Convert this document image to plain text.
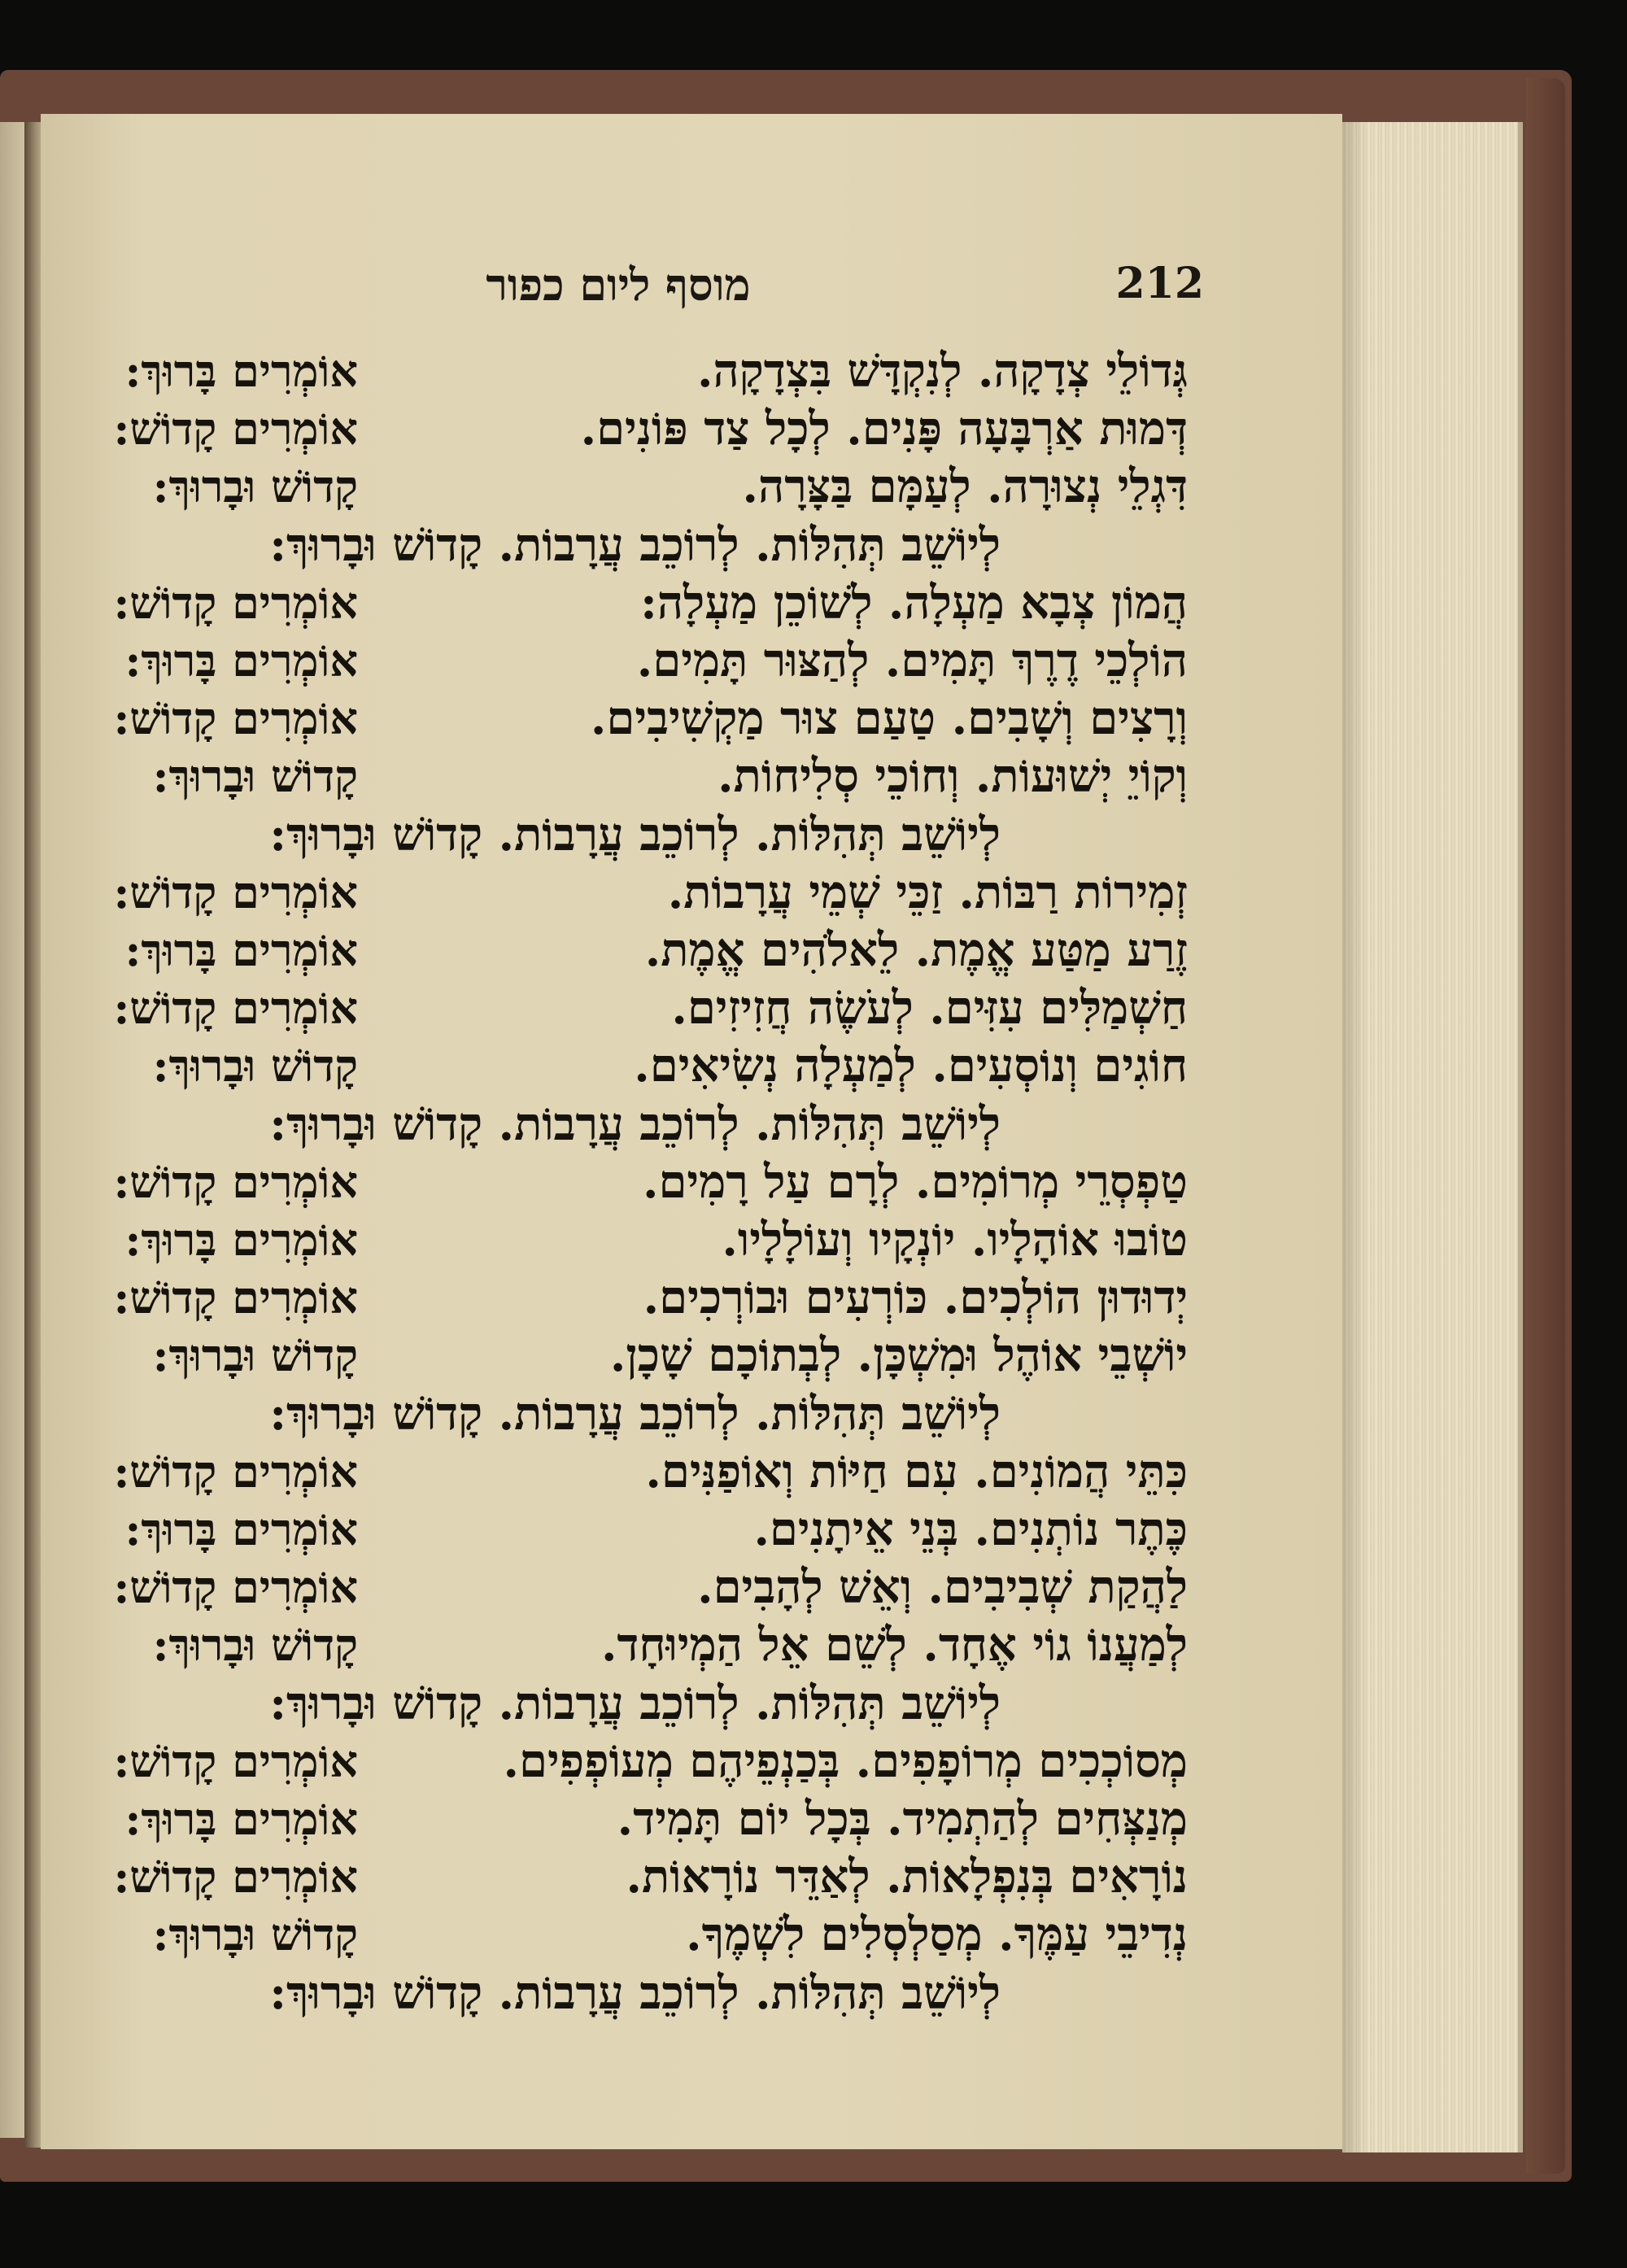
212
מוסף ליום כפור
גְּדוֹלֵי צְדָקָה. לְנִקְדָּשׁ בִּצְדָקָה.
אוֹמְרִים בָּרוּךְ:
דְּמוּת אַרְבָּעָה פָּנִים. לְכָל צַד פּוֹנִים.
אוֹמְרִים קָדוֹשׁ:
דִּגְלֵי נְצוּרָה. לְעַמָּם בַּצָּרָה.
קָדוֹשׁ וּבָרוּךְ:
לְיוֹשֵׁב תְּהִלּוֹת. לְרוֹכֵב עֲרָבוֹת. קָדוֹשׁ וּבָרוּךְ:
הֲמוֹן צְבָא מַעְלָה. לְשׁוֹכֵן מַעְלָה:
אוֹמְרִים קָדוֹשׁ:
הוֹלְכֵי דֶרֶךְ תָּמִים. לְהַצּוּר תָּמִים.
אוֹמְרִים בָּרוּךְ:
וְרָצִים וְשָׁבִים. טַעַם צוּר מַקְשִׁיבִים.
אוֹמְרִים קָדוֹשׁ:
וְקוֹיֵ יְשׁוּעוֹת. וְחוֹכֵי סְלִיחוֹת.
קָדוֹשׁ וּבָרוּךְ:
לְיוֹשֵׁב תְּהִלּוֹת. לְרוֹכֵב עֲרָבוֹת. קָדוֹשׁ וּבָרוּךְ:
זְמִירוֹת רַבּוֹת. זַכֵּי שְׁמֵי עֲרָבוֹת.
אוֹמְרִים קָדוֹשׁ:
זֶרַע מַטַּע אֱמֶת. לֵאלֹהִים אֱמֶת.
אוֹמְרִים בָּרוּךְ:
חַשְׁמַלִּים עִזִּים. לְעֹשֶׂה חֲזִיזִים.
אוֹמְרִים קָדוֹשׁ:
חוֹגִים וְנוֹסְעִים. לְמַעְלָה נְשִׂיאִים.
קָדוֹשׁ וּבָרוּךְ:
לְיוֹשֵׁב תְּהִלּוֹת. לְרוֹכֵב עֲרָבוֹת. קָדוֹשׁ וּבָרוּךְ:
טַפְסְרֵי מְרוֹמִים. לְרָם עַל רָמִים.
אוֹמְרִים קָדוֹשׁ:
טוֹבוּ אוֹהָלָיו. יוֹנְקָיו וְעוֹלָלָיו.
אוֹמְרִים בָּרוּךְ:
יְדוּדוּן הוֹלְכִים. כּוֹרְעִים וּבוֹרְכִים.
אוֹמְרִים קָדוֹשׁ:
יוֹשְׁבֵי אוֹהֶל וּמִשְׁכָּן. לְבְתוֹכָם שָׁכָן.
קָדוֹשׁ וּבָרוּךְ:
לְיוֹשֵׁב תְּהִלּוֹת. לְרוֹכֵב עֲרָבוֹת. קָדוֹשׁ וּבָרוּךְ:
כִּתֵּי הֲמוֹנִים. עִם חַיּוֹת וְאוֹפַנִּים.
אוֹמְרִים קָדוֹשׁ:
כֶּתֶר נוֹתְנִים. בְּנֵי אֵיתָנִים.
אוֹמְרִים בָּרוּךְ:
לַהֲקַת שְׁבִיבִים. וְאֵשׁ לְהָבִים.
אוֹמְרִים קָדוֹשׁ:
לְמַעֲנוֹ גוֹי אֶחָד. לְשֵׁם אֵל הַמְיוּחָד.
קָדוֹשׁ וּבָרוּךְ:
לְיוֹשֵׁב תְּהִלּוֹת. לְרוֹכֵב עֲרָבוֹת. קָדוֹשׁ וּבָרוּךְ:
מְסוֹכְכִים מְרוֹפָפִים. בְּכַנְפֵיהֶם מְעוֹפְפִים.
אוֹמְרִים קָדוֹשׁ:
מְנַצְּחִים לְהַתְמִיד. בְּכָל יוֹם תָּמִיד.
אוֹמְרִים בָּרוּךְ:
נוֹרָאִים בְּנִפְלָאוֹת. לְאַדֵּר נוֹרָאוֹת.
אוֹמְרִים קָדוֹשׁ:
נְדִיבֵי עַמֶּךָ. מְסַלְסְלִים לִשְׁמֶךָ.
קָדוֹשׁ וּבָרוּךְ:
לְיוֹשֵׁב תְּהִלּוֹת. לְרוֹכֵב עֲרָבוֹת. קָדוֹשׁ וּבָרוּךְ:
